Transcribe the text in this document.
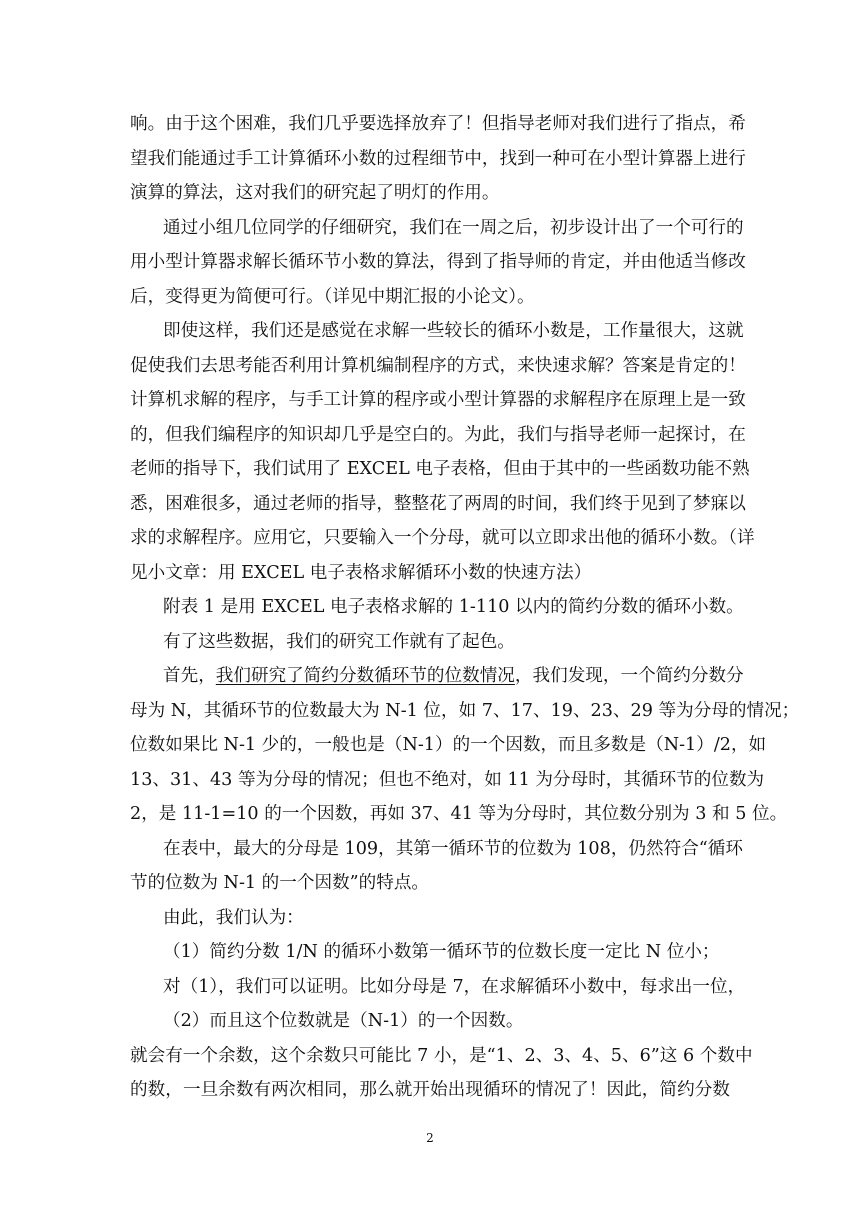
响。由于这个困难，我们几乎要选择放弃了！但指导老师对我们进行了指点，希
望我们能通过手工计算循环小数的过程细节中，找到一种可在小型计算器上进行
演算的算法，这对我们的研究起了明灯的作用。
通过小组几位同学的仔细研究，我们在一周之后，初步设计出了一个可行的
用小型计算器求解长循环节小数的算法，得到了指导师的肯定，并由他适当修改
后，变得更为简便可行。（详见中期汇报的小论文）。
即使这样，我们还是感觉在求解一些较长的循环小数是，工作量很大，这就
促使我们去思考能否利用计算机编制程序的方式，来快速求解？答案是肯定的！
计算机求解的程序，与手工计算的程序或小型计算器的求解程序在原理上是一致
的，但我们编程序的知识却几乎是空白的。为此，我们与指导老师一起探讨，在
老师的指导下，我们试用了 EXCEL 电子表格，但由于其中的一些函数功能不熟
悉，困难很多，通过老师的指导，整整花了两周的时间，我们终于见到了梦寐以
求的求解程序。应用它，只要输入一个分母，就可以立即求出他的循环小数。（详
见小文章：用 EXCEL 电子表格求解循环小数的快速方法）
附表 1 是用 EXCEL 电子表格求解的 1-110 以内的简约分数的循环小数。
有了这些数据，我们的研究工作就有了起色。
首先，我们研究了简约分数循环节的位数情况，我们发现，一个简约分数分
母为 N，其循环节的位数最大为 N-1 位，如 7、17、19、23、29 等为分母的情况；
位数如果比 N-1 少的，一般也是（N-1）的一个因数，而且多数是（N-1）/2，如
13、31、43 等为分母的情况；但也不绝对，如 11 为分母时，其循环节的位数为
2，是 11-1=10 的一个因数，再如 37、41 等为分母时，其位数分别为 3 和 5 位。
在表中，最大的分母是 109，其第一循环节的位数为 108，仍然符合“循环
节的位数为 N-1 的一个因数”的特点。
由此，我们认为：
（1）简约分数 1/N 的循环小数第一循环节的位数长度一定比 N 位小；
（2）而且这个位数就是（N-1）的一个因数。
对（1），我们可以证明。比如分母是 7，在求解循环小数中，每求出一位，
就会有一个余数，这个余数只可能比 7 小，是“1、2、3、4、5、6”这 6 个数中
2
的数，一旦余数有两次相同，那么就开始出现循环的情况了！因此，简约分数
